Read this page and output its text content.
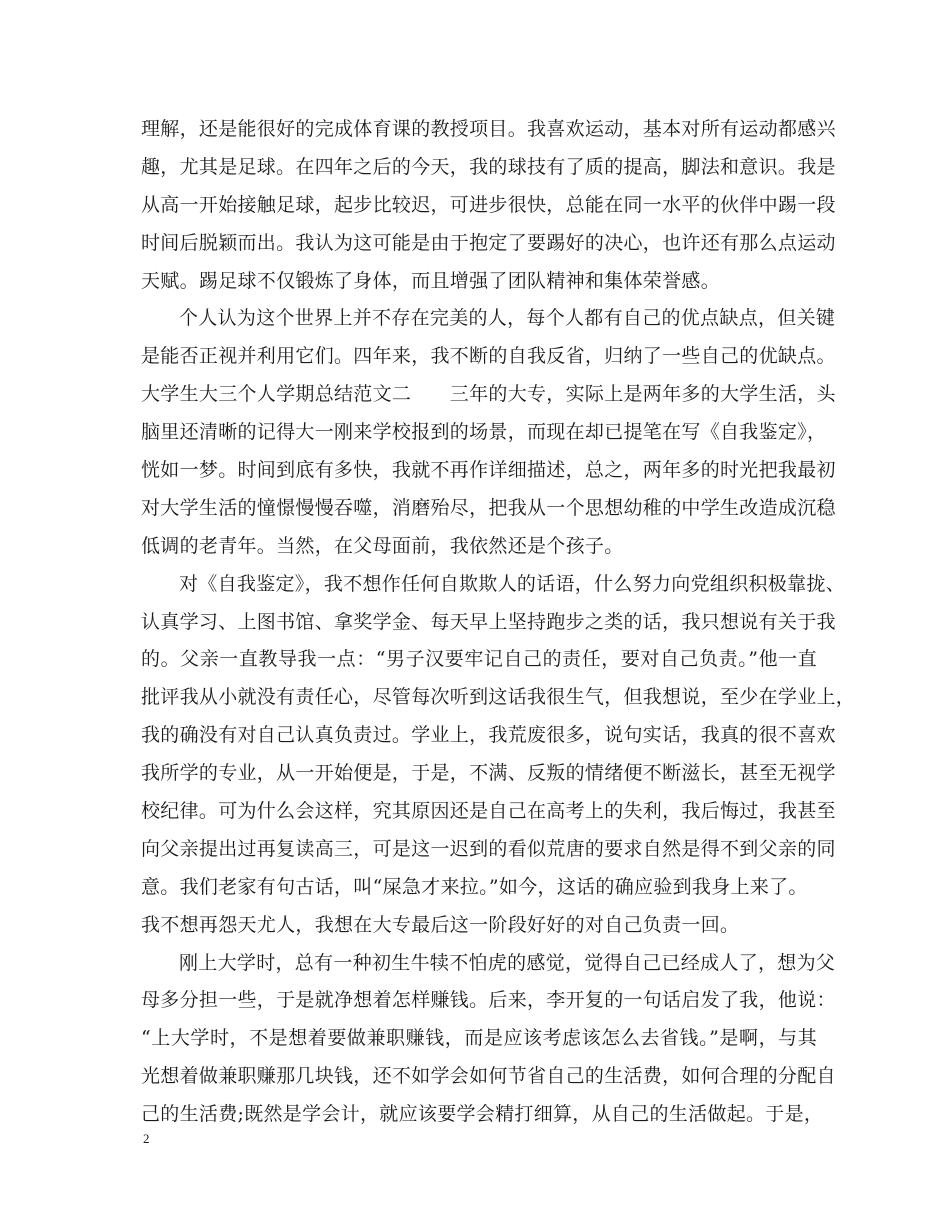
理解，还是能很好的完成体育课的教授项目。我喜欢运动，基本对所有运动都感兴
趣，尤其是足球。在四年之后的今天，我的球技有了质的提高，脚法和意识。我是
从高一开始接触足球，起步比较迟，可进步很快，总能在同一水平的伙伴中踢一段
时间后脱颖而出。我认为这可能是由于抱定了要踢好的决心，也许还有那么点运动
天赋。踢足球不仅锻炼了身体，而且增强了团队精神和集体荣誉感。
个人认为这个世界上并不存在完美的人，每个人都有自己的优点缺点，但关键
是能否正视并利用它们。四年来，我不断的自我反省，归纳了一些自己的优缺点。
大学生大三个人学期总结范文二　　三年的大专，实际上是两年多的大学生活，头
脑里还清晰的记得大一刚来学校报到的场景，而现在却已提笔在写《自我鉴定》，
恍如一梦。时间到底有多快，我就不再作详细描述，总之，两年多的时光把我最初
对大学生活的憧憬慢慢吞噬，消磨殆尽，把我从一个思想幼稚的中学生改造成沉稳
低调的老青年。当然，在父母面前，我依然还是个孩子。
对《自我鉴定》，我不想作任何自欺欺人的话语，什么努力向党组织积极靠拢、
认真学习、上图书馆、拿奖学金、每天早上坚持跑步之类的话，我只想说有关于我
的。父亲一直教导我一点：“男子汉要牢记自己的责任，要对自己负责。”他一直
批评我从小就没有责任心，尽管每次听到这话我很生气，但我想说，至少在学业上，
我的确没有对自己认真负责过。学业上，我荒废很多，说句实话，我真的很不喜欢
我所学的专业，从一开始便是，于是，不满、反叛的情绪便不断滋长，甚至无视学
校纪律。可为什么会这样，究其原因还是自己在高考上的失利，我后悔过，我甚至
向父亲提出过再复读高三，可是这一迟到的看似荒唐的要求自然是得不到父亲的同
意。我们老家有句古话，叫“屎急才来拉。”如今，这话的确应验到我身上来了。
我不想再怨天尤人，我想在大专最后这一阶段好好的对自己负责一回。
刚上大学时，总有一种初生牛犊不怕虎的感觉，觉得自己已经成人了，想为父
母多分担一些，于是就净想着怎样赚钱。后来，李开复的一句话启发了我，他说：
“上大学时，不是想着要做兼职赚钱，而是应该考虑该怎么去省钱。”是啊，与其
光想着做兼职赚那几块钱，还不如学会如何节省自己的生活费，如何合理的分配自
己的生活费;既然是学会计，就应该要学会精打细算，从自己的生活做起。于是，
2
